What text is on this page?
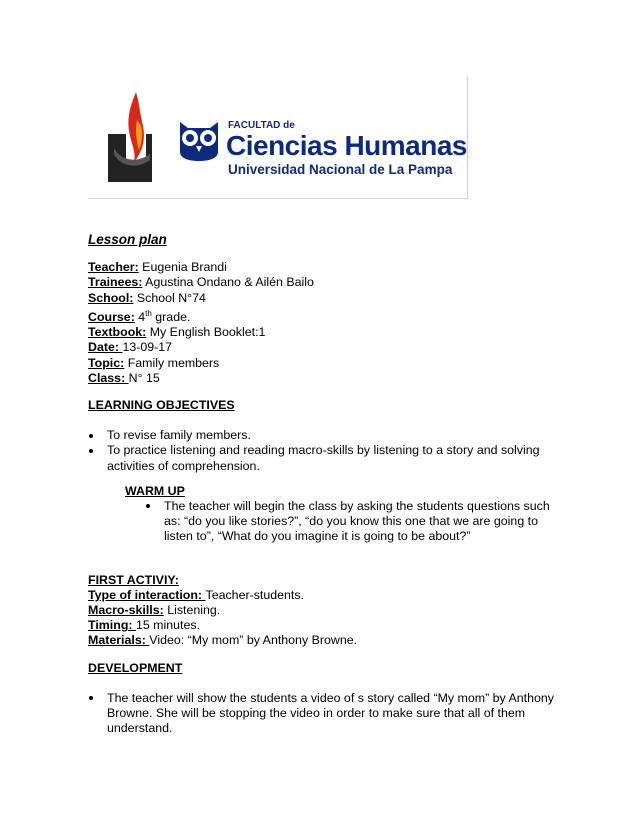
FACULTAD de
Ciencias Humanas
Universidad Nacional de La Pampa
Lesson plan
Teacher: Eugenia Brandi
Trainees: Agustina Ondano & Ailén Bailo
School: School N°74
Course: 4th grade.
Textbook: My English Booklet:1
Date: 13-09-17
Topic: Family members
Class: N° 15
LEARNING OBJECTIVES
To revise family members.
To practice listening and reading macro-skills by listening to a story and solving activities of comprehension.
WARM UP
The teacher will begin the class by asking the students questions such as: “do you like stories?”, “do you know this one that we are going to listen to”, “What do you imagine it is going to be about?”
FIRST ACTIVIY:
Type of interaction: Teacher-students.
Macro-skills: Listening.
Timing: 15 minutes.
Materials: Video: “My mom” by Anthony Browne.
DEVELOPMENT
The teacher will show the students a video of s story called “My mom” by Anthony Browne. She will be stopping the video in order to make sure that all of them understand.
